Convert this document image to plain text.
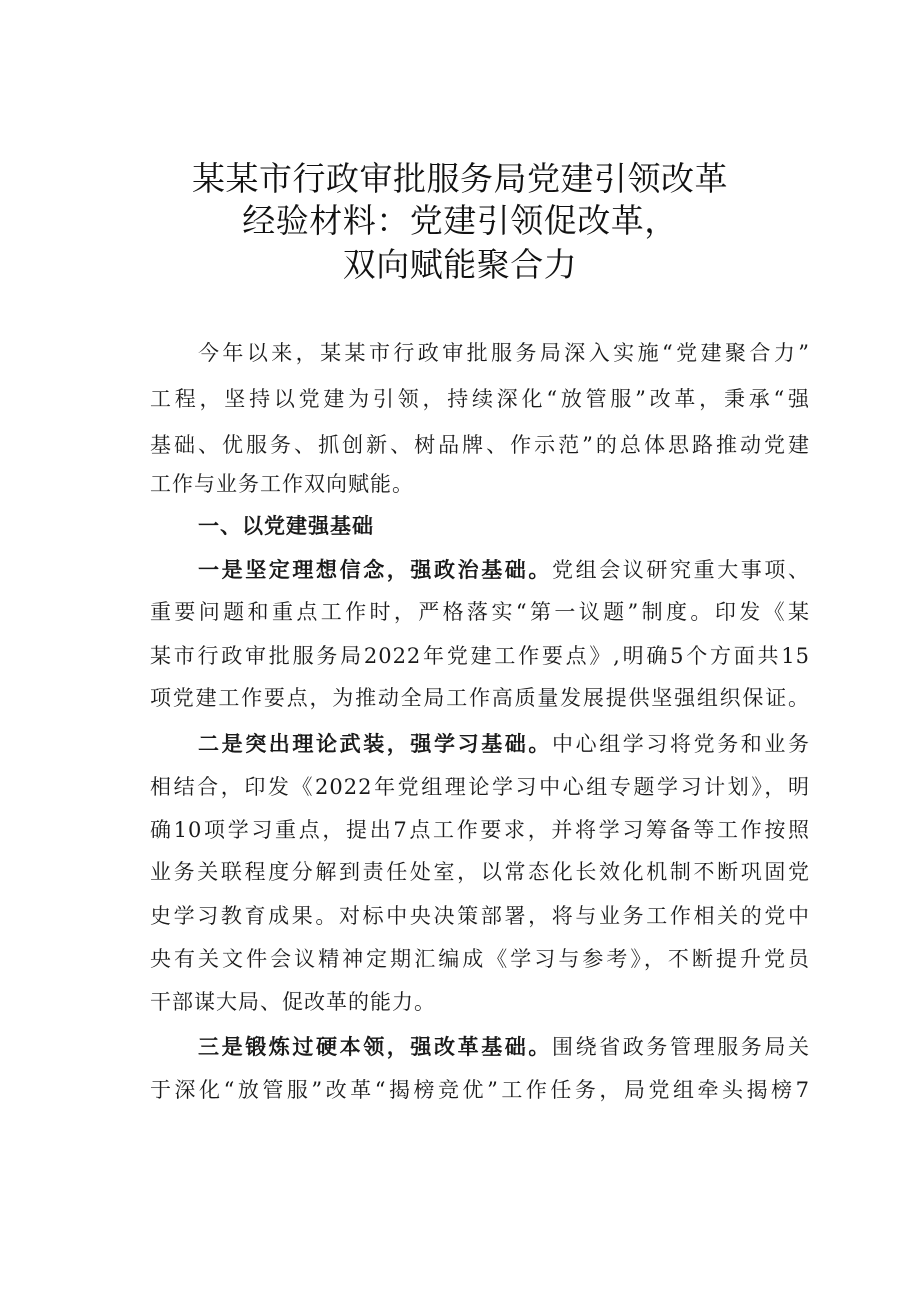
某某市行政审批服务局党建引领改革
经验材料：党建引领促改革，
双向赋能聚合力
今年以来，某某市行政审批服务局深入实施“党建聚合力”
工程，坚持以党建为引领，持续深化“放管服”改革，秉承“强
基础、优服务、抓创新、树品牌、作示范”的总体思路推动党建
工作与业务工作双向赋能。
一、以党建强基础
一是坚定理想信念，强政治基础。党组会议研究重大事项、
重要问题和重点工作时，严格落实“第一议题”制度。印发《某
某市行政审批服务局2022年党建工作要点》,明确5个方面共15
项党建工作要点，为推动全局工作高质量发展提供坚强组织保证。
二是突出理论武装，强学习基础。中心组学习将党务和业务
相结合，印发《2022年党组理论学习中心组专题学习计划》，明
确10项学习重点，提出7点工作要求，并将学习筹备等工作按照
业务关联程度分解到责任处室，以常态化长效化机制不断巩固党
史学习教育成果。对标中央决策部署，将与业务工作相关的党中
央有关文件会议精神定期汇编成《学习与参考》，不断提升党员
干部谋大局、促改革的能力。
三是锻炼过硬本领，强改革基础。围绕省政务管理服务局关
于深化“放管服”改革“揭榜竞优”工作任务，局党组牵头揭榜7
